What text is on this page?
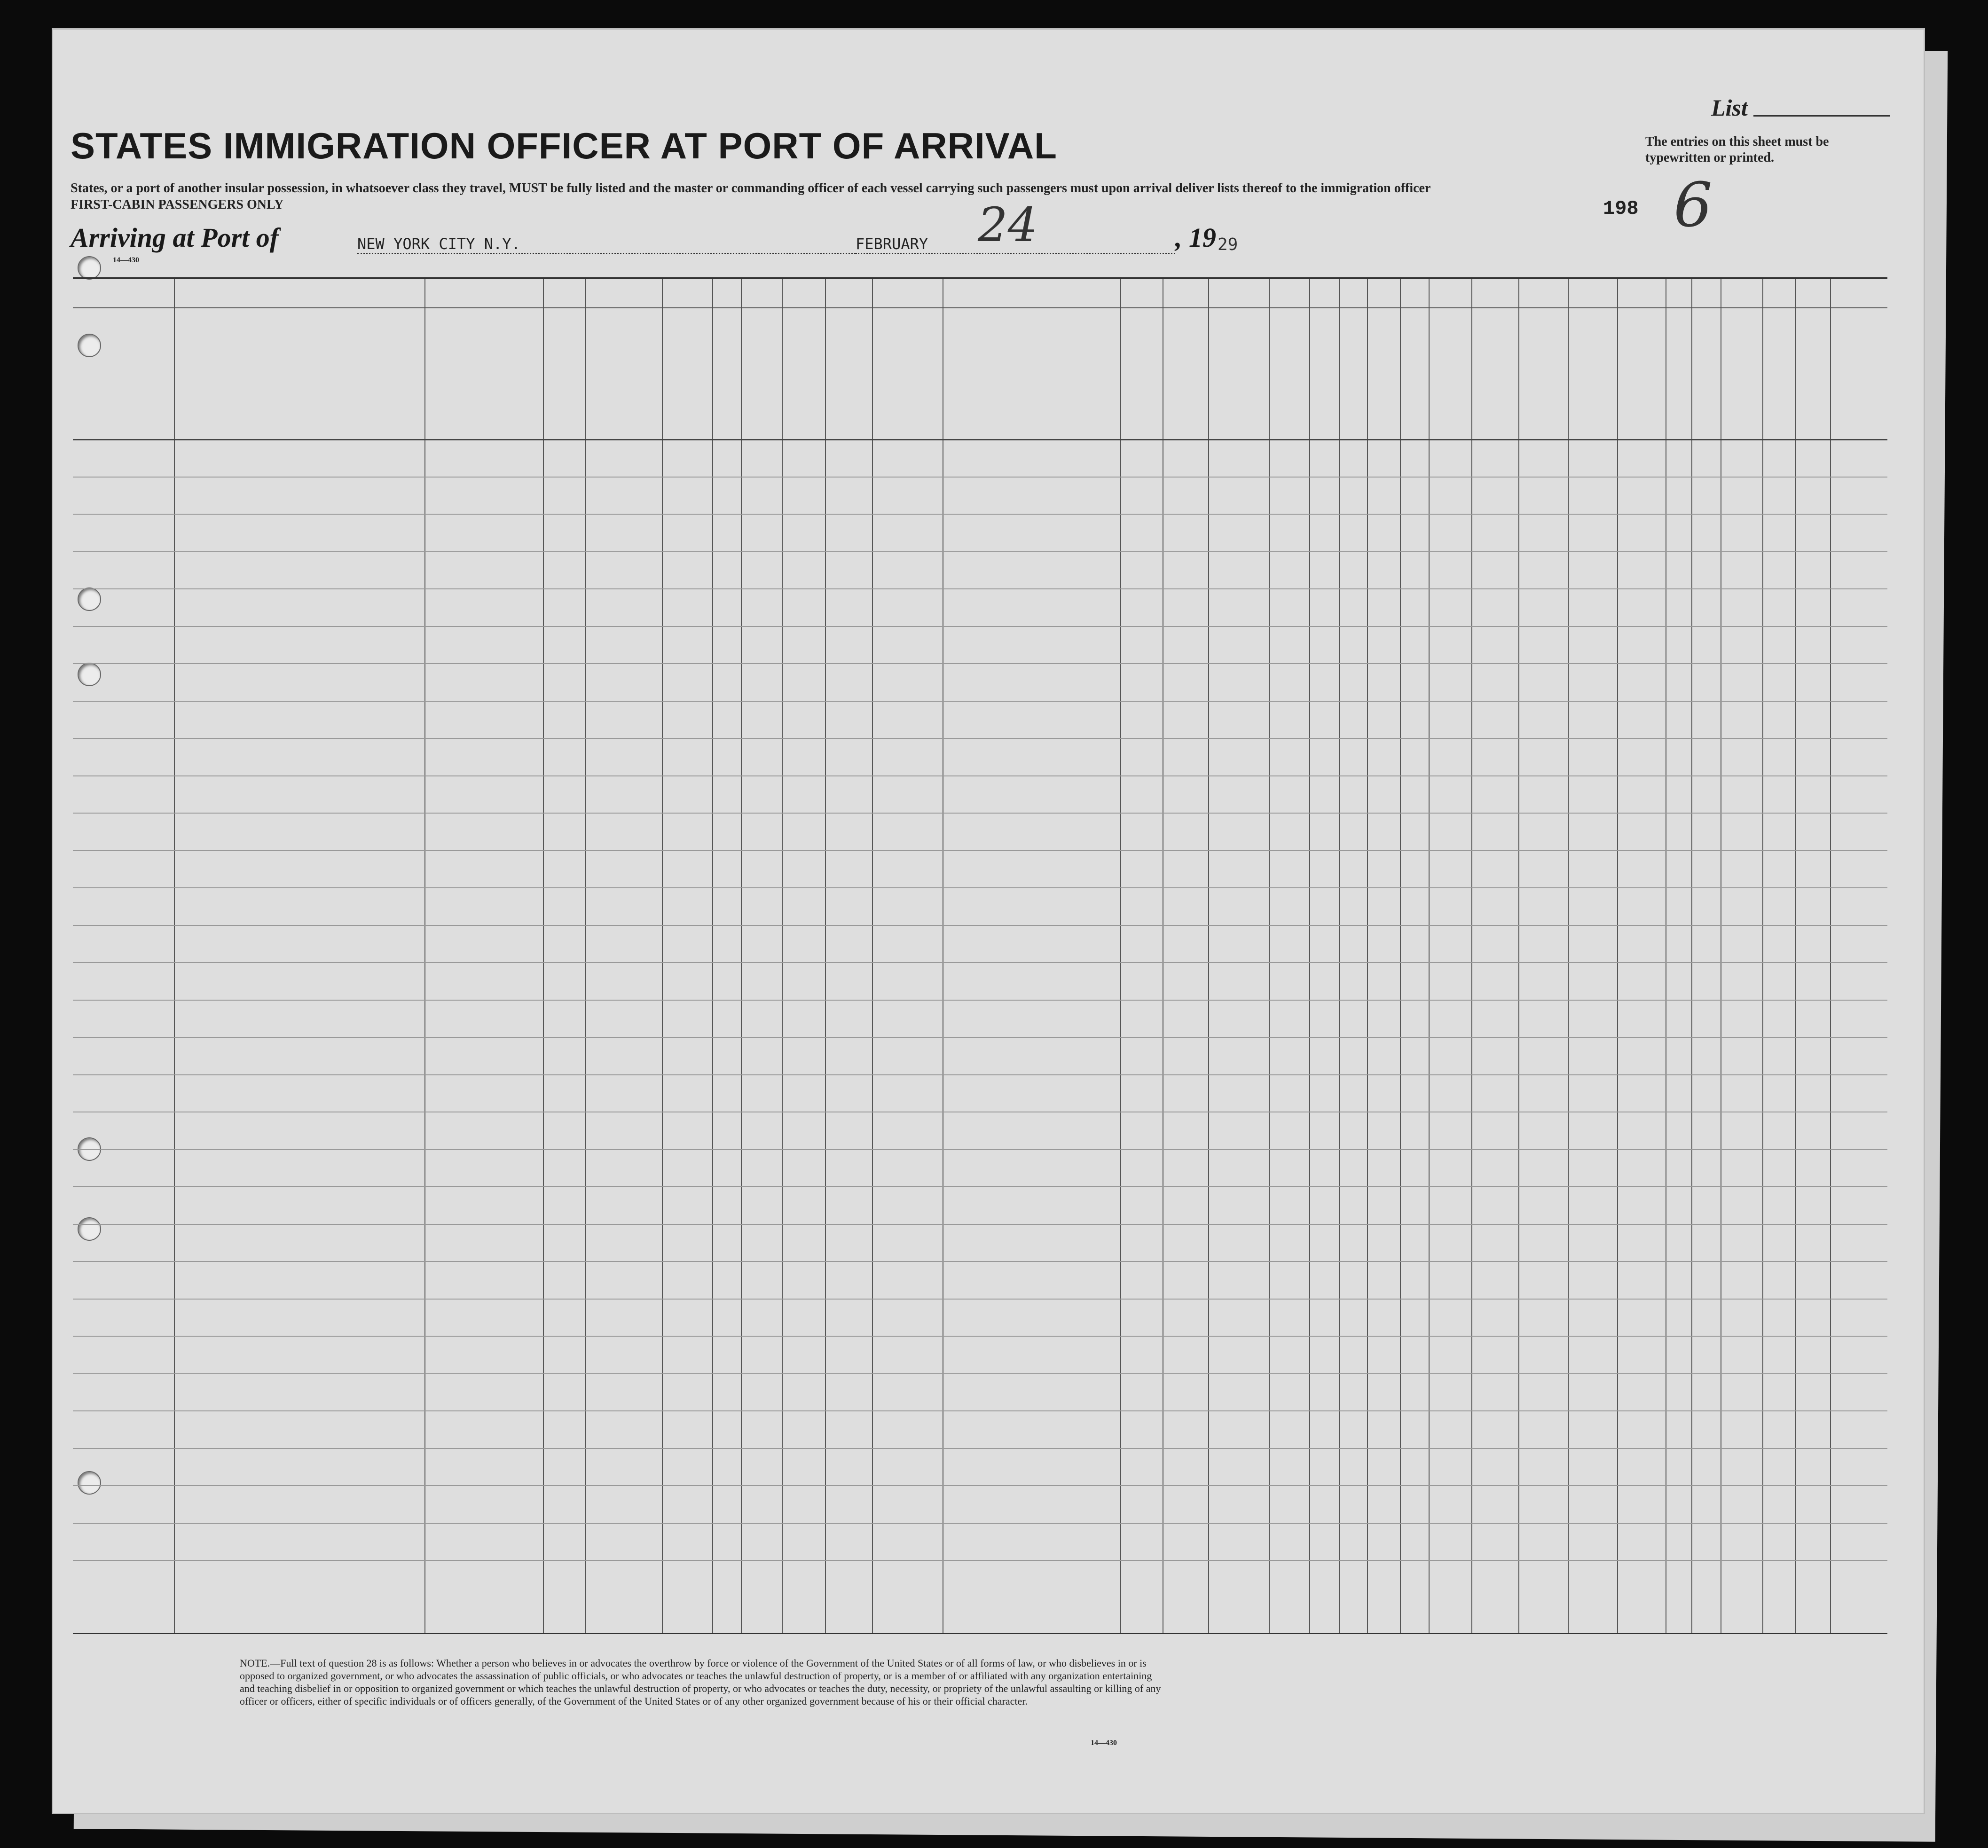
STATES IMMIGRATION OFFICER AT PORT OF ARRIVAL
States, or a port of another insular possession, in whatsoever class they travel, MUST be fully listed and the master or commanding officer of each vessel carrying such passengers must upon arrival deliver lists thereof to the immigration officer
FIRST-CABIN PASSENGERS ONLY
Arriving at Port of	NEW YORK CITY N.Y.	FEBRUARY	24	, 19 29
14—430
List
The entries on this sheet must be typewritten or printed.
198 6
NOTE.—Full text of question 28 is as follows: Whether a person who believes in or advocates the overthrow by force or violence of the Government of the United States or of all forms of law, or who disbelieves in or is opposed to organized government, or who advocates the assassination of public officials, or who advocates or teaches the unlawful destruction of property, or is a member of or affiliated with any organization entertaining and teaching disbelief in or opposition to organized government or which teaches the unlawful destruction of property, or who advocates or teaches the duty, necessity, or propriety of the unlawful assaulting or killing of any officer or officers, either of specific individuals or of officers generally, of the Government of the United States or of any other organized government because of his or their official character.
14—430
